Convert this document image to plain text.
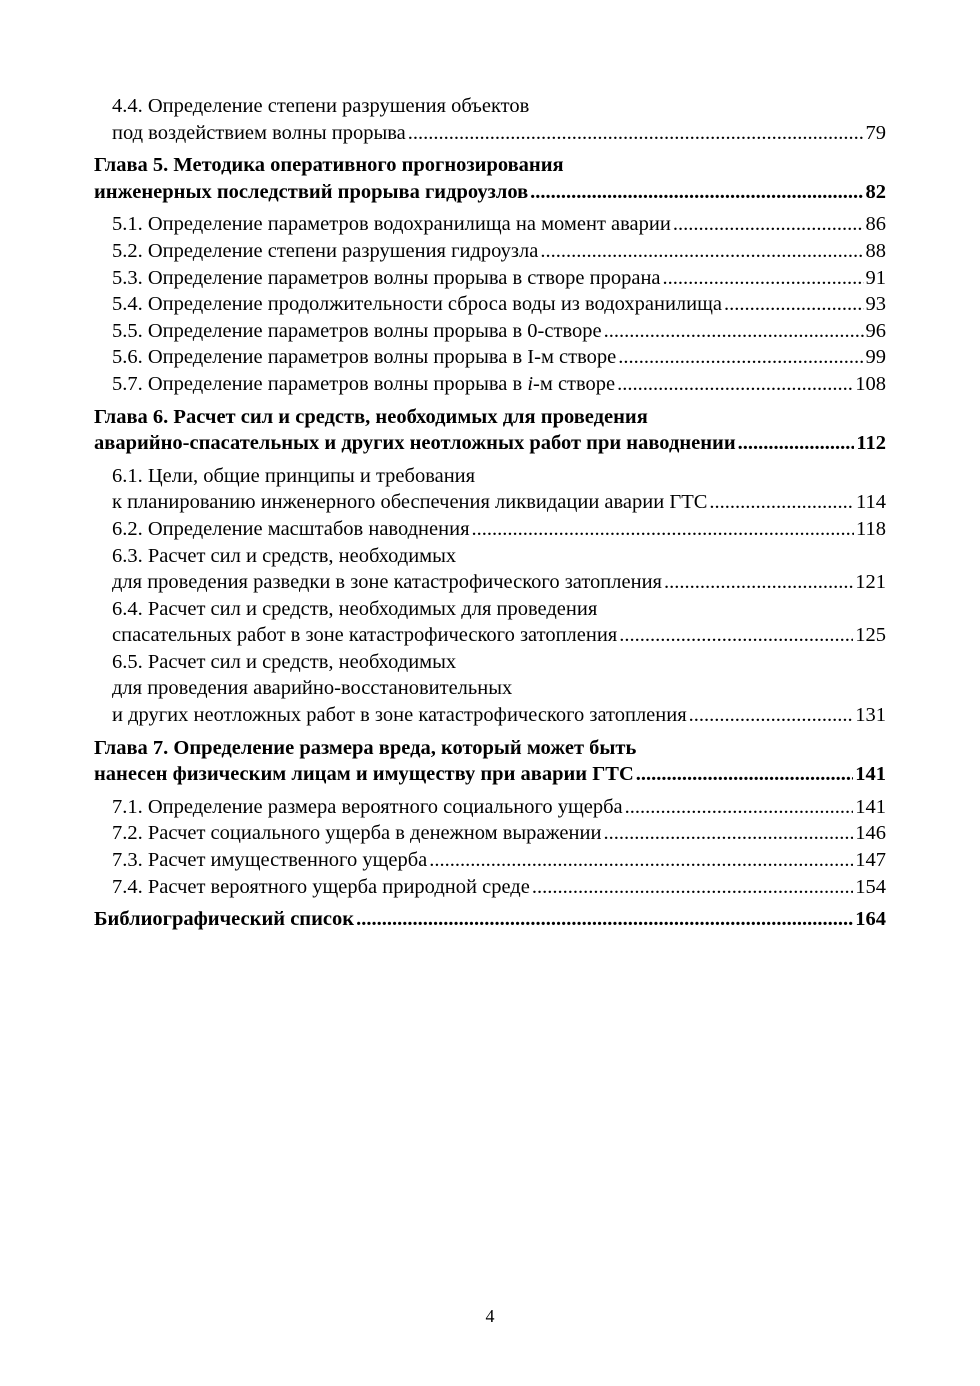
4.4. Определение степени разрушения объектов
под воздействием волны прорыва .....	79
Глава 5. Методика оперативного прогнозирования
инженерных последствий прорыва гидроузлов .....	82
5.1. Определение параметров водохранилища на момент аварии .....	86
5.2. Определение степени разрушения гидроузла .....	88
5.3. Определение параметров волны прорыва в створе прорана .....	91
5.4. Определение продолжительности сброса воды из водохранилища .....	93
5.5. Определение параметров волны прорыва в 0-створе .....	96
5.6. Определение параметров волны прорыва в I-м створе .....	99
5.7. Определение параметров волны прорыва в i-м створе .....	108
Глава 6. Расчет сил и средств, необходимых для проведения
аварийно-спасательных и других неотложных работ при наводнении .....	112
6.1. Цели, общие принципы и требования
к планированию инженерного обеспечения ликвидации аварии ГТС .....	114
6.2. Определение масштабов наводнения .....	118
6.3. Расчет сил и средств, необходимых
для проведения разведки в зоне катастрофического затопления .....	121
6.4. Расчет сил и средств, необходимых для проведения
спасательных работ в зоне катастрофического затопления .....	125
6.5. Расчет сил и средств, необходимых
для проведения аварийно-восстановительных
и других неотложных работ в зоне катастрофического затопления .....	131
Глава 7. Определение размера вреда, который может быть
нанесен физическим лицам и имуществу при аварии ГТС .....	141
7.1. Определение размера вероятного социального ущерба .....	141
7.2. Расчет социального ущерба в денежном выражении .....	146
7.3. Расчет имущественного ущерба .....	147
7.4. Расчет вероятного ущерба природной среде .....	154
Библиографический список .....	164
4
